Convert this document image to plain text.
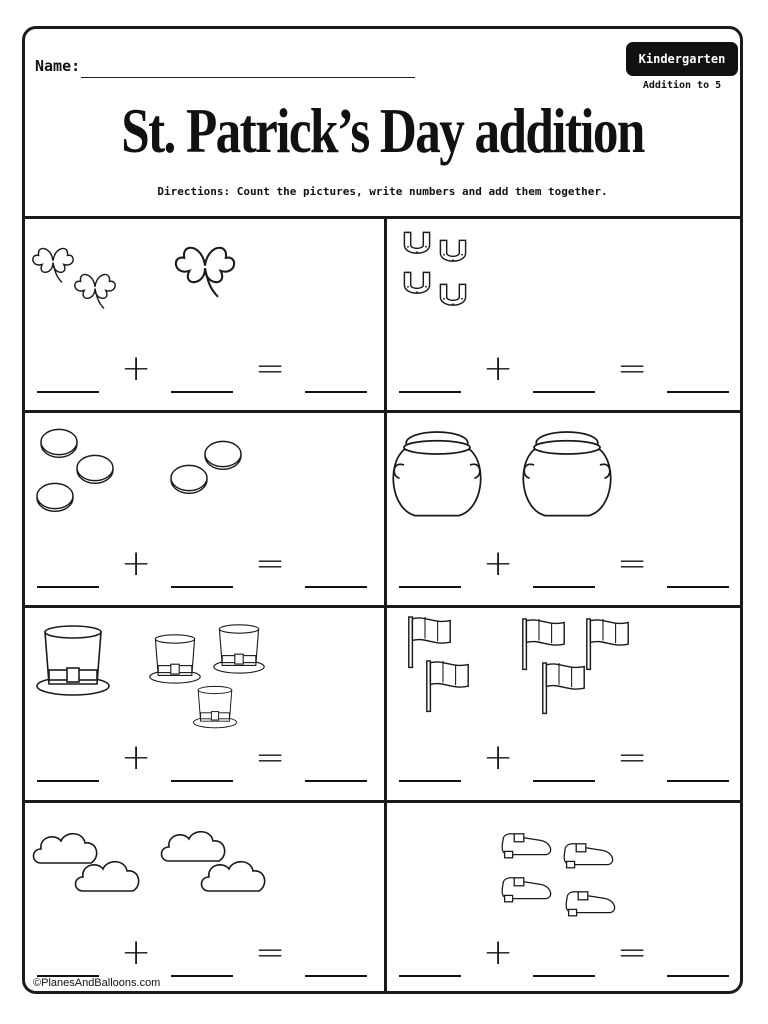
Name:	Kindergarten
Addition to 5
St. Patrick’s Day addition
Directions: Count the pictures, write numbers and add them together.
+	=	+	=
+	=	+	=
+	=	+	=
+	=	+	=
©PlanesAndBalloons.com
